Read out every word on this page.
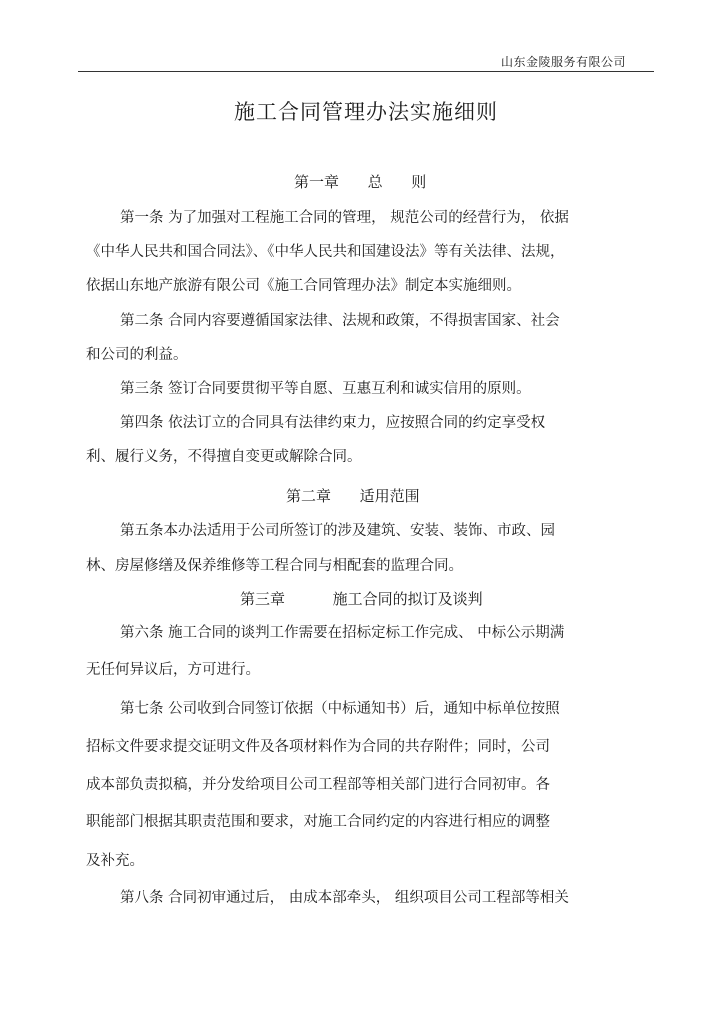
山东金陵服务有限公司
施工合同管理办法实施细则
第一章      总      则
第一条 为了加强对工程施工合同的管理， 规范公司的经营行为， 依据
《中华人民共和国合同法》、《中华人民共和国建设法》等有关法律、法规，
依据山东地产旅游有限公司《施工合同管理办法》制定本实施细则。
第二条 合同内容要遵循国家法律、法规和政策，不得损害国家、社会
和公司的利益。
第三条 签订合同要贯彻平等自愿、互惠互利和诚实信用的原则。
第四条 依法订立的合同具有法律约束力，应按照合同的约定享受权
利、履行义务，不得擅自变更或解除合同。
第二章      适用范围
第五条本办法适用于公司所签订的涉及建筑、安装、装饰、市政、园
林、房屋修缮及保养维修等工程合同与相配套的监理合同。
第三章          施工合同的拟订及谈判
第六条 施工合同的谈判工作需要在招标定标工作完成、 中标公示期满
无任何异议后，方可进行。
第七条 公司收到合同签订依据（中标通知书）后，通知中标单位按照
招标文件要求提交证明文件及各项材料作为合同的共存附件；同时，公司
成本部负责拟稿，并分发给项目公司工程部等相关部门进行合同初审。各
职能部门根据其职责范围和要求，对施工合同约定的内容进行相应的调整
及补充。
第八条 合同初审通过后， 由成本部牵头， 组织项目公司工程部等相关
